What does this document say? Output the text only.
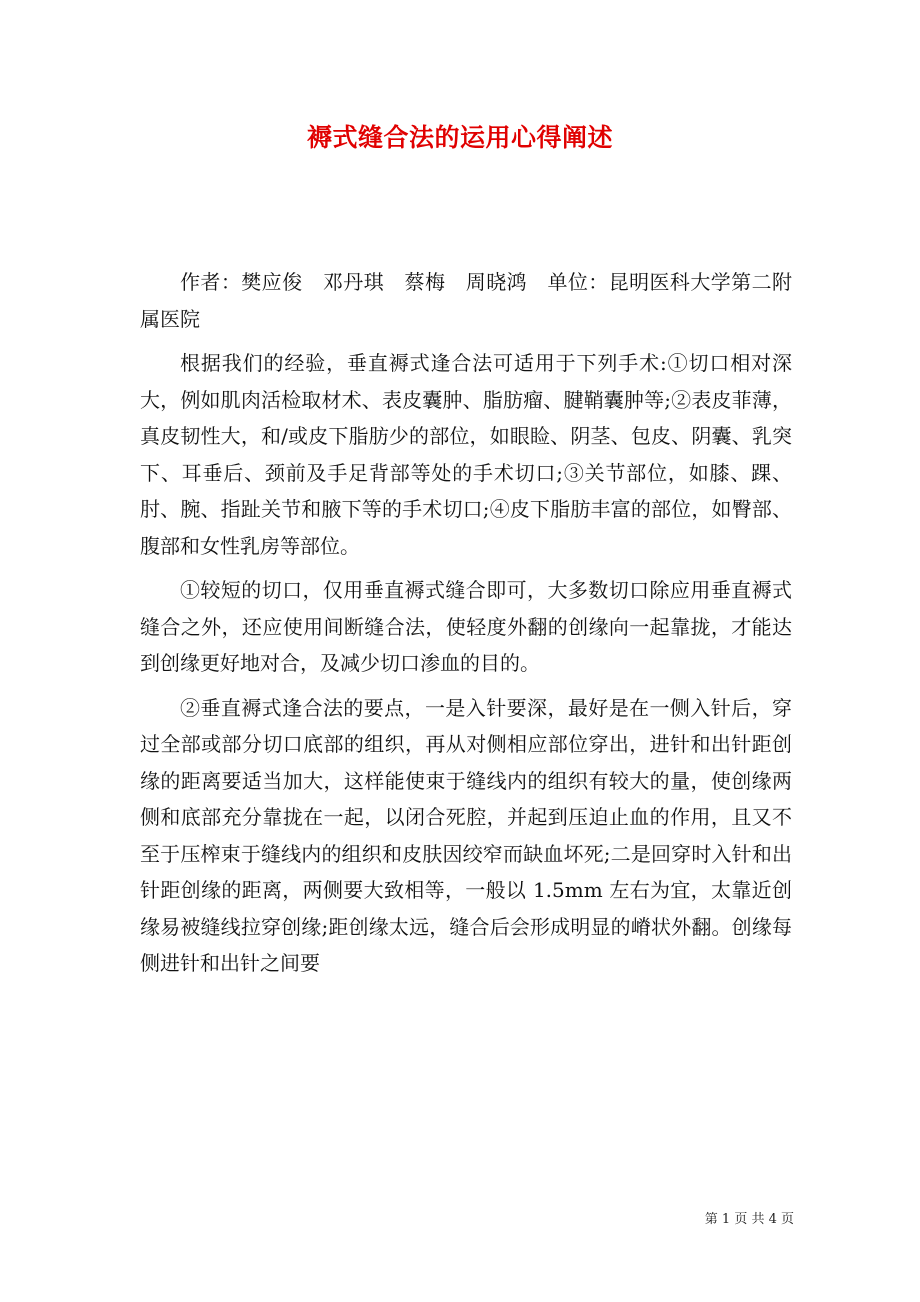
褥式缝合法的运用心得阐述

作者：樊应俊　邓丹琪　蔡梅　周晓鸿　单位：昆明医科大学第二附属医院

根据我们的经验，垂直褥式逢合法可适用于下列手术:①切口相对深大，例如肌肉活检取材术、表皮囊肿、脂肪瘤、腱鞘囊肿等;②表皮菲薄，真皮韧性大，和/或皮下脂肪少的部位，如眼睑、阴茎、包皮、阴囊、乳突下、耳垂后、颈前及手足背部等处的手术切口;③关节部位，如膝、踝、肘、腕、指趾关节和腋下等的手术切口;④皮下脂肪丰富的部位，如臀部、腹部和女性乳房等部位。

①较短的切口，仅用垂直褥式缝合即可，大多数切口除应用垂直褥式缝合之外，还应使用间断缝合法，使轻度外翻的创缘向一起靠拢，才能达到创缘更好地对合，及减少切口渗血的目的。

②垂直褥式逢合法的要点，一是入针要深，最好是在一侧入针后，穿过全部或部分切口底部的组织，再从对侧相应部位穿出，进针和出针距创缘的距离要适当加大，这样能使束于缝线内的组织有较大的量，使创缘两侧和底部充分靠拢在一起，以闭合死腔，并起到压迫止血的作用，且又不至于压榨束于缝线内的组织和皮肤因绞窄而缺血坏死;二是回穿时入针和出针距创缘的距离，两侧要大致相等，一般以 1.5mm 左右为宜，太靠近创缘易被缝线拉穿创缘;距创缘太远，缝合后会形成明显的嵴状外翻。创缘每侧进针和出针之间要

第 1 页 共 4 页
